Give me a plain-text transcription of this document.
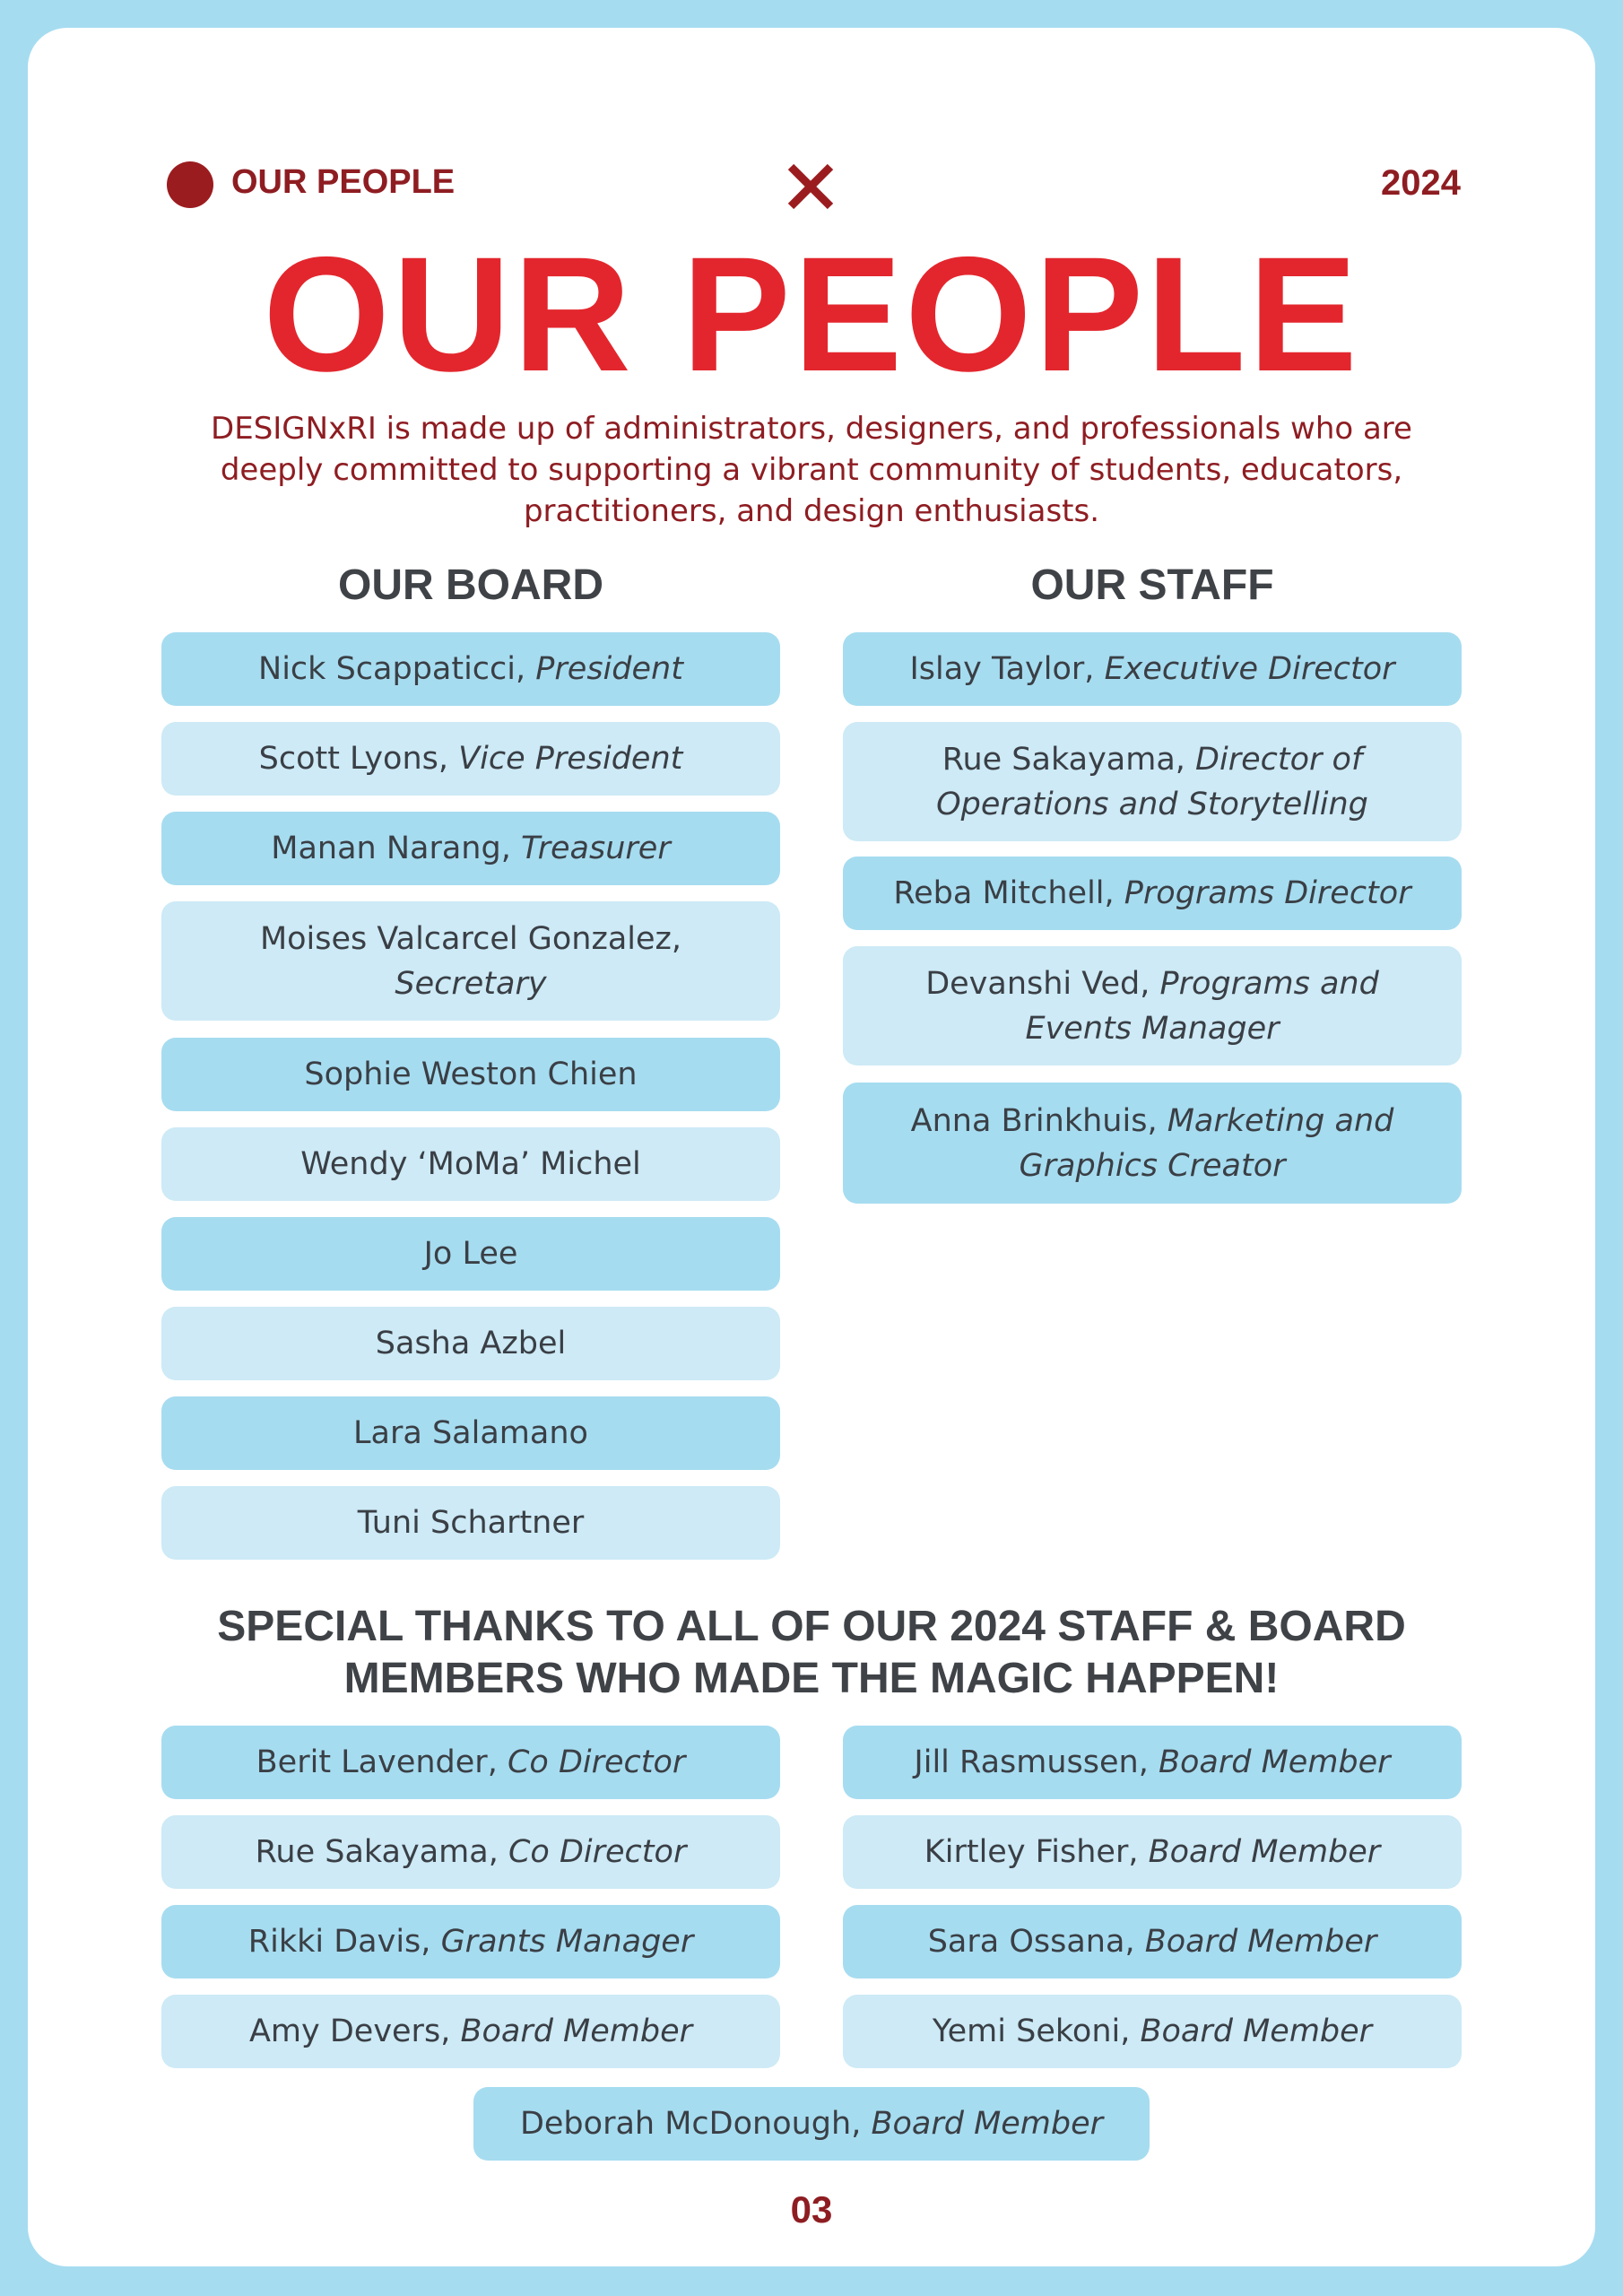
OUR PEOPLE	2024
OUR PEOPLE
DESIGNxRI is made up of administrators, designers, and professionals who are deeply committed to supporting a vibrant community of students, educators, practitioners, and design enthusiasts.
OUR BOARD	OUR STAFF
Nick Scappaticci, President
Scott Lyons, Vice President
Manan Narang, Treasurer
Moises Valcarcel Gonzalez,
Secretary
Sophie Weston Chien
Wendy ‘MoMa’ Michel
Jo Lee
Sasha Azbel
Lara Salamano
Tuni Schartner
Islay Taylor, Executive Director
Rue Sakayama, Director of Operations and Storytelling
Reba Mitchell, Programs Director
Devanshi Ved, Programs and Events Manager
Anna Brinkhuis, Marketing and Graphics Creator
SPECIAL THANKS TO ALL OF OUR 2024 STAFF & BOARD MEMBERS WHO MADE THE MAGIC HAPPEN!
Berit Lavender, Co Director
Rue Sakayama, Co Director
Rikki Davis, Grants Manager
Amy Devers, Board Member
Jill Rasmussen, Board Member
Kirtley Fisher, Board Member
Sara Ossana, Board Member
Yemi Sekoni, Board Member
Deborah McDonough, Board Member
03
